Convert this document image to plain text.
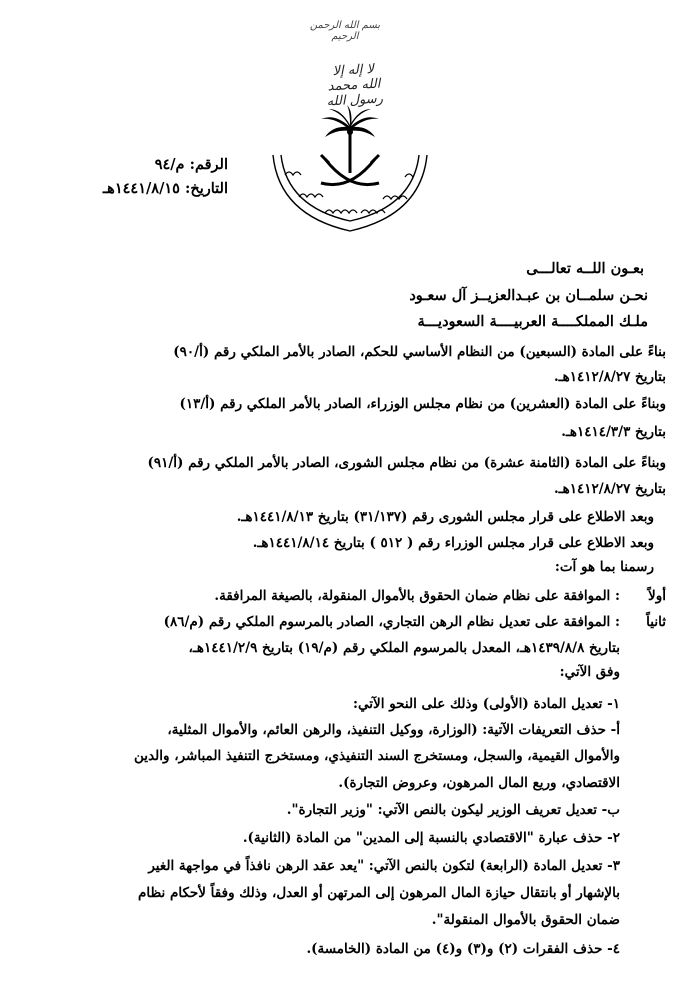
بسم الله الرحمن الرحيم
لا إله إلا الله محمد رسول الله
الرقم: م/٩٤
التاريخ: ١٤٤١/٨/١٥هـ
بعـون اللــه تعالـــى
نحـن سلمــان بن عبـدالعزيــز آل سعـود
ملـك المملكــــة العربيــــة السعوديـــة
بناءً على المادة (السبعين) من النظام الأساسي للحكم، الصادر بالأمر الملكي رقم (أ/٩٠)
بتاريخ ١٤١٢/٨/٢٧هـ.
وبناءً على المادة (العشرين) من نظام مجلس الوزراء، الصادر بالأمر الملكي رقم (أ/١٣)
بتاريخ ١٤١٤/٣/٣هـ.
وبناءً على المادة (الثامنة عشرة) من نظام مجلس الشورى، الصادر بالأمر الملكي رقم (أ/٩١)
بتاريخ ١٤١٢/٨/٢٧هـ.
وبعد الاطلاع على قرار مجلس الشورى رقم (٣١/١٣٧) بتاريخ ١٤٤١/٨/١٣هـ.
وبعد الاطلاع على قرار مجلس الوزراء رقم ( ٥١٢ ) بتاريخ ١٤٤١/٨/١٤هـ.
رسمنا بما هو آت:
أولاً
: الموافقة على نظام ضمان الحقوق بالأموال المنقولة، بالصيغة المرافقة.
ثانياً
: الموافقة على تعديل نظام الرهن التجاري، الصادر بالمرسوم الملكي رقم (م/٨٦)
بتاريخ ١٤٣٩/٨/٨هـ، المعدل بالمرسوم الملكي رقم (م/١٩) بتاريخ ١٤٤١/٢/٩هـ،
وفق الآتي:
١- تعديل المادة (الأولى) وذلك على النحو الآتي:
أ- حذف التعريفات الآتية: (الوزارة، ووكيل التنفيذ، والرهن العائم، والأموال المثلية،
والأموال القيمية، والسجل، ومستخرج السند التنفيذي، ومستخرج التنفيذ المباشر، والدين
الاقتصادي، وريع المال المرهون، وعروض التجارة).
ب- تعديل تعريف الوزير ليكون بالنص الآتي: "وزير التجارة".
٢- حذف عبارة "الاقتصادي بالنسبة إلى المدين" من المادة (الثانية).
٣- تعديل المادة (الرابعة) لتكون بالنص الآتي: "يعد عقد الرهن نافذاً في مواجهة الغير
بالإشهار أو بانتقال حيازة المال المرهون إلى المرتهن أو العدل، وذلك وفقاً لأحكام نظام
ضمان الحقوق بالأموال المنقولة".
٤- حذف الفقرات (٢) و(٣) و(٤) من المادة (الخامسة).
